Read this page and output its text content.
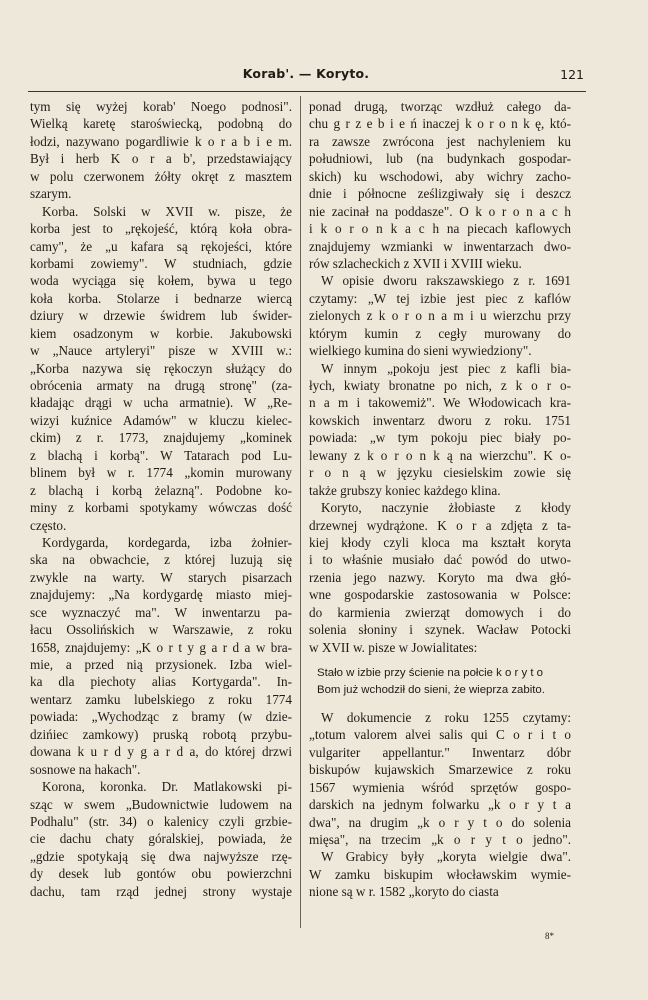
Korab'. — Koryto.	121
tym się wyżej korab' Noego podnosi".
Wielką karetę staroświecką, podobną do
łodzi, nazywano pogardliwie k o r a b i e m.
Był i herb K o r a b', przedstawiający
w polu czerwonem żółty okręt z masztem
szarym.
Korba. Solski w XVII w. pisze, że
korba jest to „rękojeść, którą koła obra-
camy", że „u kafara są rękojeści, które
korbami zowiemy". W studniach, gdzie
woda wyciąga się kołem, bywa u tego
koła korba. Stolarze i bednarze wiercą
dziury w drzewie świdrem lub świder-
kiem osadzonym w korbie. Jakubowski
w „Nauce artyleryi" pisze w XVIII w.:
„Korba nazywa się rękoczyn służący do
obrócenia armaty na drugą stronę" (za-
kładając drągi w ucha armatnie). W „Re-
wizyi kuźnice Adamów" w kluczu kielec-
ckim) z r. 1773, znajdujemy „kominek
z blachą i korbą". W Tatarach pod Lu-
blinem był w r. 1774 „komin murowany
z blachą i korbą żelazną". Podobne ko-
miny z korbami spotykamy wówczas dość
często.
Kordygarda, kordegarda, izba żołnier-
ska na obwachcie, z której luzują się
zwykle na warty. W starych pisarzach
znajdujemy: „Na kordygardę miasto miej-
sce wyznaczyć ma". W inwentarzu pa-
łacu Ossolińskich w Warszawie, z roku
1658, znajdujemy: „K o r t y g a r d a w bra-
mie, a przed nią przysionek. Izba wiel-
ka dla piechoty alias Kortygarda". In-
wentarz zamku lubelskiego z roku 1774
powiada: „Wychodząc z bramy (w dzie-
dzińiec zamkowy) pruską robotą przybu-
dowana k u r d y g a r d a, do której drzwi
sosnowe na hakach".
Korona, koronka. Dr. Matlakowski pi-
sząc w swem „Budownictwie ludowem na
Podhalu" (str. 34) o kalenicy czyli grzbie-
cie dachu chaty góralskiej, powiada, że
„gdzie spotykają się dwa najwyższe rzę-
dy desek lub gontów obu powierzchni
dachu, tam rząd jednej strony wystaje
ponad drugą, tworząc wzdłuż całego da-
chu g r z e b i e ń inaczej k o r o n k ę, któ-
ra zawsze zwrócona jest nachyleniem ku
południowi, lub (na budynkach gospodar-
skich) ku wschodowi, aby wichry zacho-
dnie i północne ześlizgiwały się i deszcz
nie zacinał na poddasze". O k o r o n a c h
i k o r o n k a c h na piecach kaflowych
znajdujemy wzmianki w inwentarzach dwo-
rów szlacheckich z XVII i XVIII wieku.
W opisie dworu rakszawskiego z r. 1691
czytamy: „W tej izbie jest piec z kaflów
zielonych z k o r o n a m i u wierzchu przy
którym kumin z cegły murowany do
wielkiego kumina do sieni wywiedziony".
W innym „pokoju jest piec z kafli bia-
łych, kwiaty bronatne po nich, z k o r o-
n a m i takowemiż". We Włodowicach kra-
kowskich inwentarz dworu z roku. 1751
powiada: „w tym pokoju piec biały po-
lewany z k o r o n k ą na wierzchu". K o-
r o n ą w języku ciesielskim zowie się
także grubszy koniec każdego klina.
Koryto, naczynie żłobiaste z kłody
drzewnej wydrążone. K o r a zdjęta z ta-
kiej kłody czyli kloca ma kształt koryta
i to właśnie musiało dać powód do utwo-
rzenia jego nazwy. Koryto ma dwa głó-
wne gospodarskie zastosowania w Polsce:
do karmienia zwierząt domowych i do
solenia słoniny i szynek. Wacław Potocki
w XVII w. pisze w Jowialitates:
Stało w izbie przy ścienie na połcie k o r y t o
Bom już wchodził do sieni, że wieprza zabito.
W dokumencie z roku 1255 czytamy:
„totum valorem alvei salis qui C o r i t o
vulgariter appellantur." Inwentarz dóbr
biskupów kujawskich Smarzewice z roku
1567 wymienia wśród sprzętów gospo-
darskich na jednym folwarku „k o r y t a
dwa", na drugim „k o r y t o do solenia
mięsa", na trzecim „k o r y t o jedno".
W Grabicy były „koryta wielgie dwa".
W zamku biskupim włocławskim wymie-
nione są w r. 1582 „koryto do ciasta
8*
